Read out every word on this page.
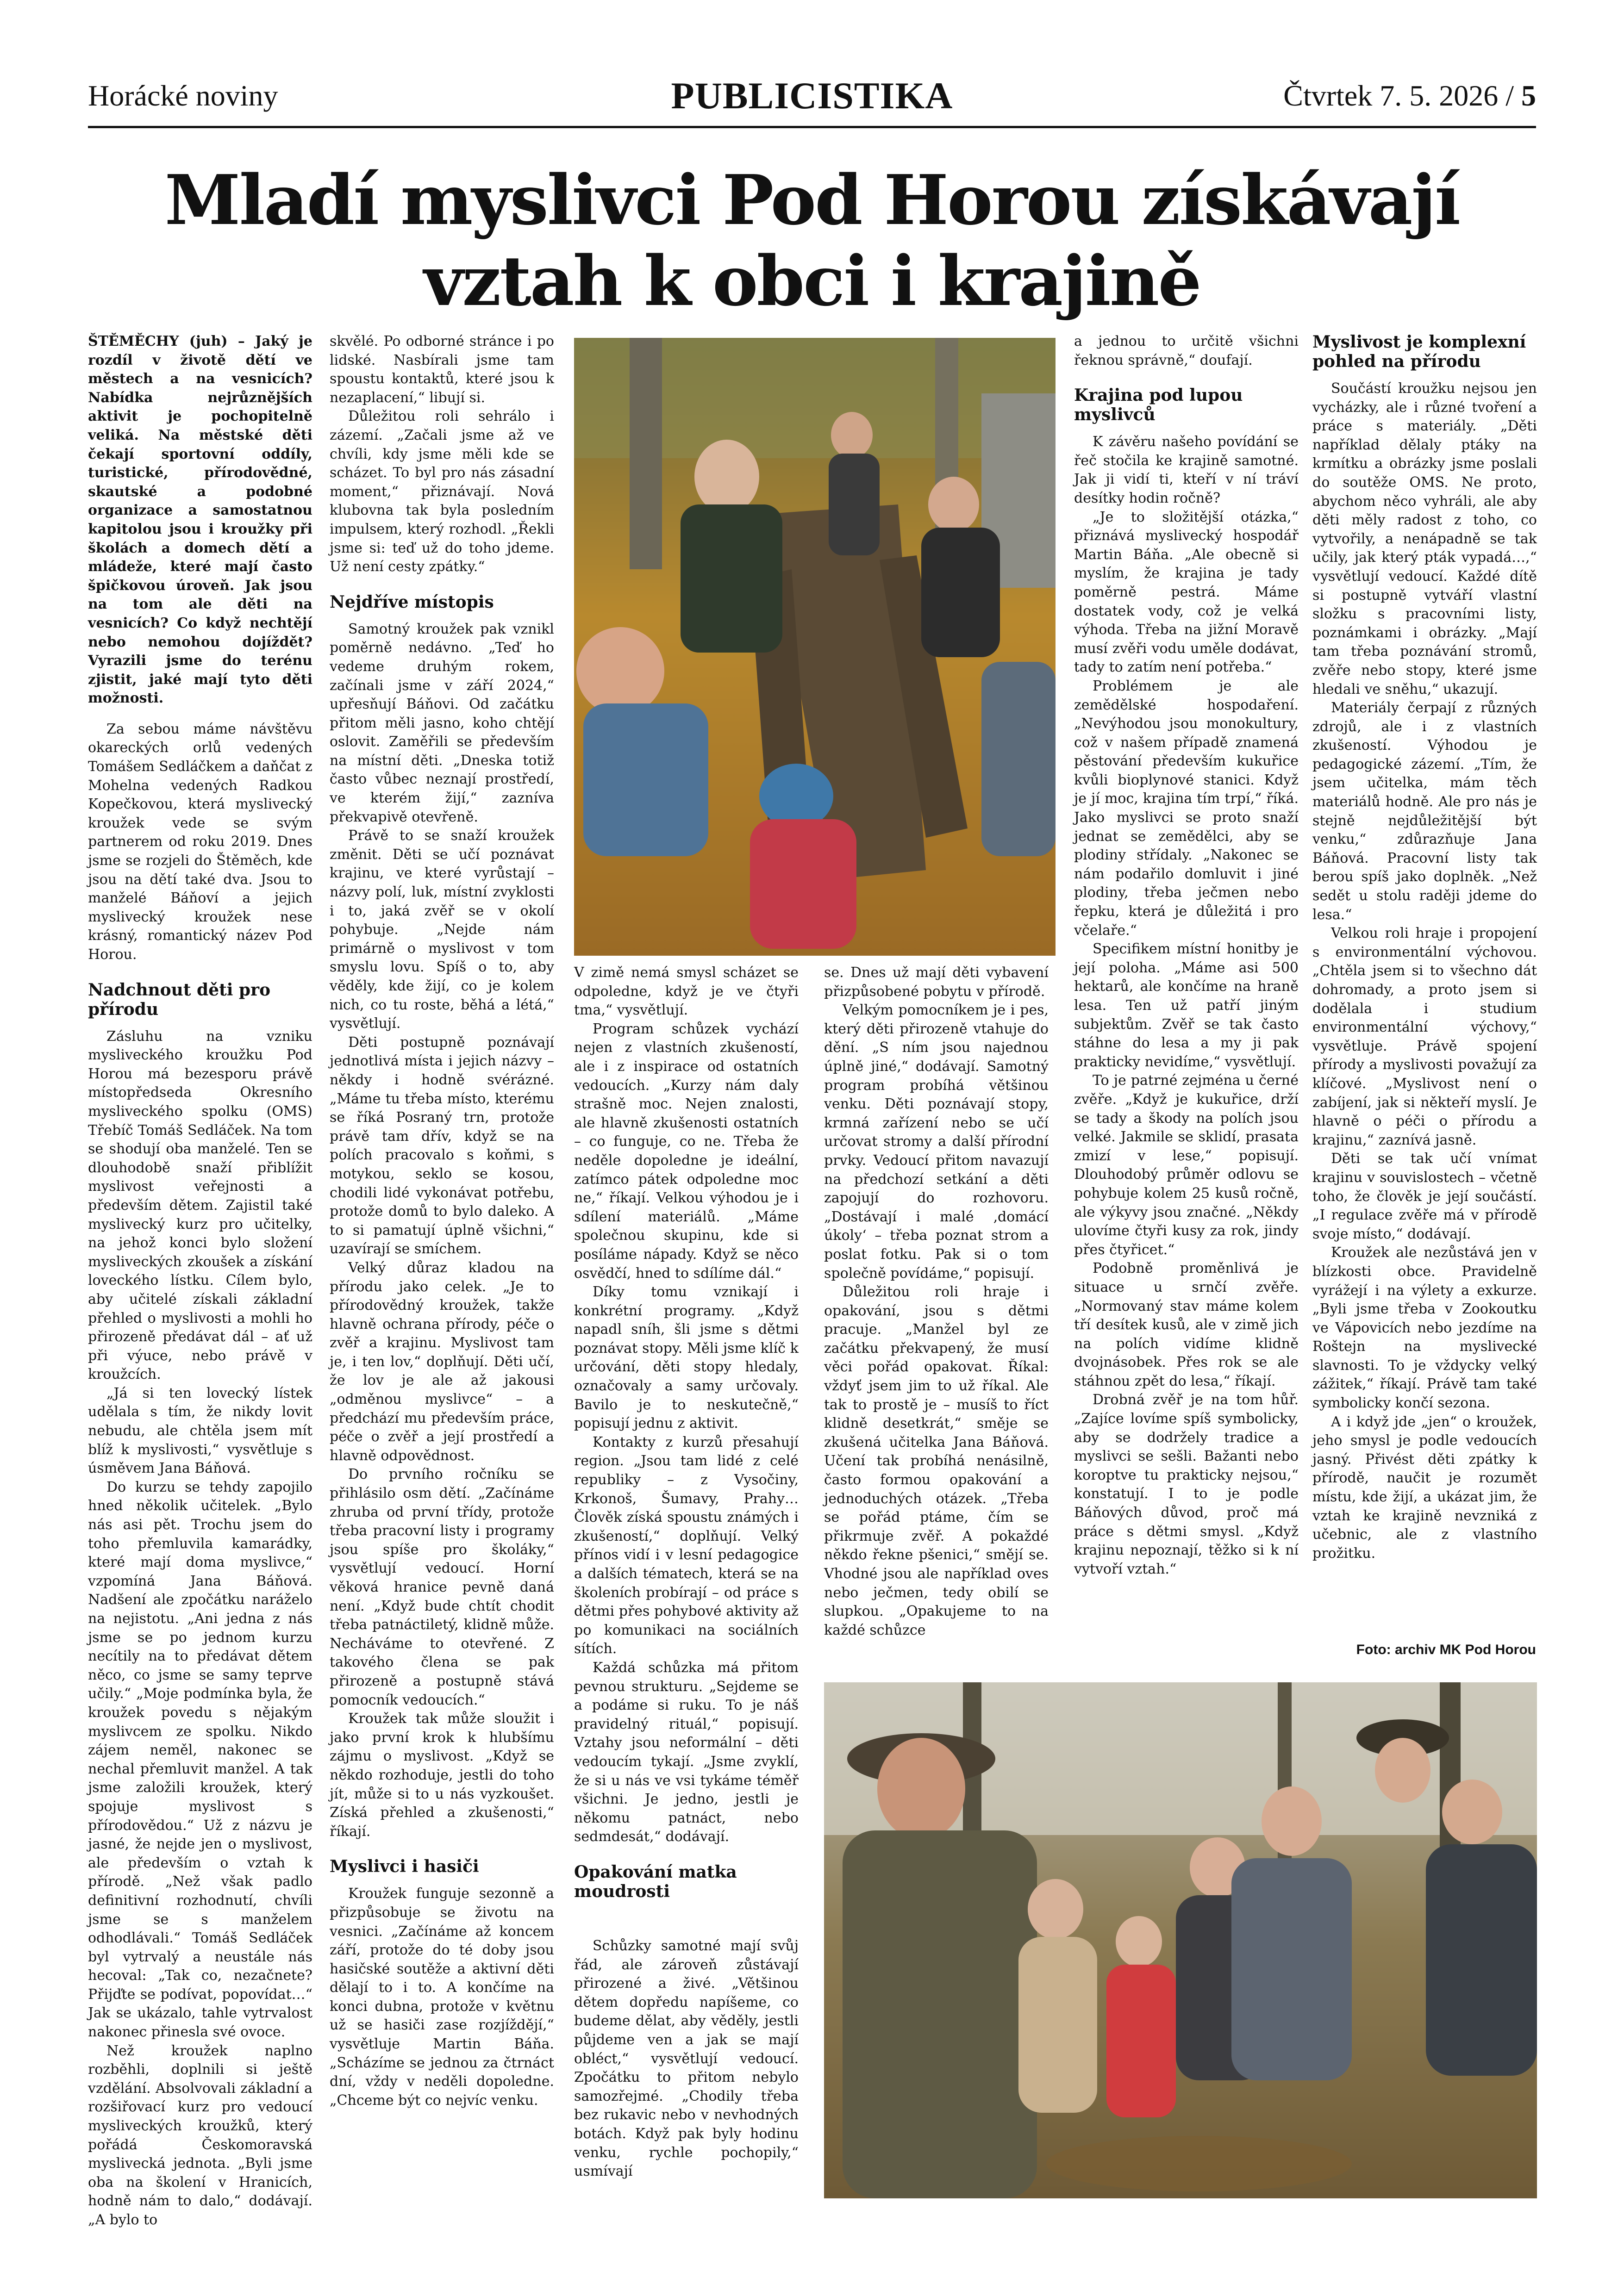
Horácké noviny	PUBLICISTIKA	Čtvrtek 7. 5. 2026 / 5
Mladí myslivci Pod Horou získávají
vztah k obci i krajině

ŠTĚMĚCHY (juh) – Jaký je rozdíl v životě dětí ve městech a na vesnicích? Nabídka nejrůznějších aktivit je pochopitelně veliká. Na městské děti čekají sportovní oddíly, turistické, přírodovědné, skautské a podobné organizace a samostatnou kapitolou jsou i kroužky při školách a domech dětí a mládeže, které mají často špičkovou úroveň. Jak jsou na tom ale děti na vesnicích? Co když nechtějí nebo nemohou dojíždět? Vyrazili jsme do terénu zjistit, jaké mají tyto děti možnosti.

Za sebou máme návštěvu okareckých orlů vedených Tomášem Sedláčkem a daňčat z Mohelna vedených Radkou Kopečkovou, která myslivecký kroužek vede se svým partnerem od roku 2019. Dnes jsme se rozjeli do Štěměch, kde jsou na dětí také dva. Jsou to manželé Báňoví a jejich myslivecký kroužek nese krásný, romantický název Pod Horou.

Nadchnout děti pro přírodu

Zásluhu na vzniku mysliveckého kroužku Pod Horou má bezesporu právě místopředseda Okresního mysliveckého spolku (OMS) Třebíč Tomáš Sedláček. Na tom se shodují oba manželé. Ten se dlouhodobě snaží přiblížit myslivost veřejnosti a především dětem. Zajistil také myslivecký kurz pro učitelky, na jehož konci bylo složení mysliveckých zkoušek a získání loveckého lístku. Cílem bylo, aby učitelé získali základní přehled o myslivosti a mohli ho přirozeně předávat dál – ať už při výuce, nebo právě v kroužcích.

„Já si ten lovecký lístek udělala s tím, že nikdy lovit nebudu, ale chtěla jsem mít blíž k myslivosti,“ vysvětluje s úsměvem Jana Báňová.

Do kurzu se tehdy zapojilo hned několik učitelek. „Bylo nás asi pět. Trochu jsem do toho přemluvila kamarádky, které mají doma myslivce,“ vzpomíná Jana Báňová. Nadšení ale zpočátku naráželo na nejistotu. „Ani jedna z nás jsme se po jednom kurzu necítily na to předávat dětem něco, co jsme se samy teprve učily.“ „Moje podmínka byla, že kroužek povedu s nějakým myslivcem ze spolku. Nikdo zájem neměl, nakonec se nechal přemluvit manžel. A tak jsme založili kroužek, který spojuje myslivost s přírodovědou.“ Už z názvu je jasné, že nejde jen o myslivost, ale především o vztah k přírodě. „Než však padlo definitivní rozhodnutí, chvíli jsme se s manželem odhodlávali.“ Tomáš Sedláček byl vytrvalý a neustále nás hecoval: „Tak co, nezačnete? Přijďte se podívat, popovídat…“ Jak se ukázalo, tahle vytrvalost nakonec přinesla své ovoce.

Než kroužek naplno rozběhli, doplnili si ještě vzdělání. Absolvovali základní a rozšiřovací kurz pro vedoucí mysliveckých kroužků, který pořádá Českomoravská myslivecká jednota. „Byli jsme oba na školení v Hranicích, hodně nám to dalo,“ dodávají. „A bylo to

skvělé. Po odborné stránce i po lidské. Nasbírali jsme tam spoustu kontaktů, které jsou k nezaplacení,“ libují si.

Důležitou roli sehrálo i zázemí. „Začali jsme až ve chvíli, kdy jsme měli kde se scházet. To byl pro nás zásadní moment,“ přiznávají. Nová klubovna tak byla posledním impulsem, který rozhodl. „Řekli jsme si: teď už do toho jdeme. Už není cesty zpátky.“

Nejdříve místopis

Samotný kroužek pak vznikl poměrně nedávno. „Teď ho vedeme druhým rokem, začínali jsme v září 2024,“ upřesňují Báňovi. Od začátku přitom měli jasno, koho chtějí oslovit. Zaměřili se především na místní děti. „Dneska totiž často vůbec neznají prostředí, ve kterém žijí,“ zazníva překvapivě otevřeně.

Právě to se snaží kroužek změnit. Děti se učí poznávat krajinu, ve které vyrůstají – názvy polí, luk, místní zvyklosti i to, jaká zvěř se v okolí pohybuje. „Nejde nám primárně o myslivost v tom smyslu lovu. Spíš o to, aby věděly, kde žijí, co je kolem nich, co tu roste, běhá a létá,“ vysvětlují.

Děti postupně poznávají jednotlivá místa i jejich názvy – někdy i hodně svérázné. „Máme tu třeba místo, kterému se říká Posraný trn, protože právě tam dřív, když se na polích pracovalo s koňmi, s motykou, seklo se kosou, chodili lidé vykonávat potřebu, protože domů to bylo daleko. A to si pamatují úplně všichni,“ uzavírají se smíchem.

Velký důraz kladou na přírodu jako celek. „Je to přírodovědný kroužek, takže hlavně ochrana přírody, péče o zvěř a krajinu. Myslivost tam je, i ten lov,“ doplňují. Děti učí, že lov je ale až jakousi „odměnou myslivce“ – a předchází mu především práce, péče o zvěř a její prostředí a hlavně odpovědnost.

Do prvního ročníku se přihlásilo osm dětí. „Začínáme zhruba od první třídy, protože třeba pracovní listy i programy jsou spíše pro školáky,“ vysvětlují vedoucí. Horní věková hranice pevně daná není. „Když bude chtít chodit třeba patnáctiletý, klidně může. Necháváme to otevřené. Z takového člena se pak přirozeně a postupně stává pomocník vedoucích.“

Kroužek tak může sloužit i jako první krok k hlubšímu zájmu o myslivost. „Když se někdo rozhoduje, jestli do toho jít, může si to u nás vyzkoušet. Získá přehled a zkušenosti,“ říkají.

Myslivci i hasiči

Kroužek funguje sezonně a přizpůsobuje se životu na vesnici. „Začínáme až koncem září, protože do té doby jsou hasičské soutěže a aktivní děti dělají to i to. A končíme na konci dubna, protože v květnu už se hasiči zase rozjíždějí,“ vysvětluje Martin Báňa. „Scházíme se jednou za čtrnáct dní, vždy v neděli dopoledne. „Chceme být co nejvíc venku.

V zimě nemá smysl scházet se odpoledne, když je ve čtyři tma,“ vysvětlují.

Program schůzek vychází nejen z vlastních zkušeností, ale i z inspirace od ostatních vedoucích. „Kurzy nám daly strašně moc. Nejen znalosti, ale hlavně zkušenosti ostatních – co funguje, co ne. Třeba že neděle dopoledne je ideální, zatímco pátek odpoledne moc ne,“ říkají. Velkou výhodou je i sdílení materiálů. „Máme společnou skupinu, kde si posíláme nápady. Když se něco osvědčí, hned to sdílíme dál.“

Díky tomu vznikají i konkrétní programy. „Když napadl sníh, šli jsme s dětmi poznávat stopy. Měli jsme klíč k určování, děti stopy hledaly, označovaly a samy určovaly. Bavilo je to neskutečně,“ popisují jednu z aktivit.

Kontakty z kurzů přesahují region. „Jsou tam lidé z celé republiky – z Vysočiny, Krkonoš, Šumavy, Prahy… Člověk získá spoustu známých i zkušeností,“ doplňují. Velký přínos vidí i v lesní pedagogice a dalších tématech, která se na školeních probírají – od práce s dětmi přes pohybové aktivity až po komunikaci na sociálních sítích.

Každá schůzka má přitom pevnou strukturu. „Sejdeme se a podáme si ruku. To je náš pravidelný rituál,“ popisují. Vztahy jsou neformální – děti vedoucím tykají. „Jsme zvyklí, že si u nás ve vsi tykáme téměř všichni. Je jedno, jestli je někomu patnáct, nebo sedmdesát,“ dodávají.

Opakování matka moudrosti

se. Dnes už mají děti vybavení přizpůsobené pobytu v přírodě.

Velkým pomocníkem je i pes, který děti přirozeně vtahuje do dění. „S ním jsou najednou úplně jiné,“ dodávají. Samotný program probíhá většinou venku. Děti poznávají stopy, krmná zařízení nebo se učí určovat stromy a další přírodní prvky. Vedoucí přitom navazují na předchozí setkání a děti zapojují do rozhovoru. „Dostávají i malé ‚domácí úkoly‘ – třeba poznat strom a poslat fotku. Pak si o tom společně povídáme,“ popisují.

Důležitou roli hraje i opakování, jsou s dětmi pracuje. „Manžel byl ze začátku překvapený, že musí věci pořád opakovat. Říkal: vždyť jsem jim to už říkal. Ale tak to prostě je – musíš to říct klidně desetkrát,“ směje se zkušená učitelka Jana Báňová. Učení tak probíhá nenásilně, často formou opakování a jednoduchých otázek. „Třeba se pořád ptáme, čím se přikrmuje zvěř. A pokaždé někdo řekne pšenici,“ smějí se. Vhodné jsou ale například oves nebo ječmen, tedy obilí se slupkou. „Opakujeme to na každé schůzce

Schůzky samotné mají svůj řád, ale zároveň zůstávají přirozené a živé. „Většinou dětem dopředu napíšeme, co budeme dělat, aby věděly, jestli půjdeme ven a jak se mají obléct,“ vysvětlují vedoucí. Zpočátku to přitom nebylo samozřejmé. „Chodily třeba bez rukavic nebo v nevhodných botách. Když pak byly hodinu venku, rychle pochopily,“ usmívají

a jednou to určitě všichni řeknou správně,“ doufají.

Krajina pod lupou myslivců

K závěru našeho povídání se řeč stočila ke krajině samotné. Jak ji vidí ti, kteří v ní tráví desítky hodin ročně?

„Je to složitější otázka,“ přiznává myslivecký hospodář Martin Báňa. „Ale obecně si myslím, že krajina je tady poměrně pestrá. Máme dostatek vody, což je velká výhoda. Třeba na jižní Moravě musí zvěři vodu uměle dodávat, tady to zatím není potřeba.“

Problémem je ale zemědělské hospodaření. „Nevýhodou jsou monokultury, což v našem případě znamená pěstování především kukuřice kvůli bioplynové stanici. Když je jí moc, krajina tím trpí,“ říká. Jako myslivci se proto snaží jednat se zemědělci, aby se plodiny střídaly. „Nakonec se nám podařilo domluvit i jiné plodiny, třeba ječmen nebo řepku, která je důležitá i pro včelaře.“

Specifikem místní honitby je její poloha. „Máme asi 500 hektarů, ale končíme na hraně lesa. Ten už patří jiným subjektům. Zvěř se tak často stáhne do lesa a my ji pak prakticky nevidíme,“ vysvětlují.

To je patrné zejména u černé zvěře. „Když je kukuřice, drží se tady a škody na polích jsou velké. Jakmile se sklidí, prasata zmizí v lese,“ popisují. Dlouhodobý průměr odlovu se pohybuje kolem 25 kusů ročně, ale výkyvy jsou značné. „Někdy ulovíme čtyři kusy za rok, jindy přes čtyřicet.“

Podobně proměnlivá je situace u srnčí zvěře. „Normovaný stav máme kolem tří desítek kusů, ale v zimě jich na polích vidíme klidně dvojnásobek. Přes rok se ale stáhnou zpět do lesa,“ říkají.

Drobná zvěř je na tom hůř. „Zajíce lovíme spíš symbolicky, aby se dodržely tradice a myslivci se sešli. Bažanti nebo koroptve tu prakticky nejsou,“ konstatují. I to je podle Báňových důvod, proč má práce s dětmi smysl. „Když krajinu nepoznají, těžko si k ní vytvoří vztah.“

Myslivost je komplexní pohled na přírodu

Součástí kroužku nejsou jen vycházky, ale i různé tvoření a práce s materiály. „Děti například dělaly ptáky na krmítku a obrázky jsme poslali do soutěže OMS. Ne proto, abychom něco vyhráli, ale aby děti měly radost z toho, co vytvořily, a nenápadně se tak učily, jak který pták vypadá…,“ vysvětlují vedoucí. Každé dítě si postupně vytváří vlastní složku s pracovními listy, poznámkami i obrázky. „Mají tam třeba poznávání stromů, zvěře nebo stopy, které jsme hledali ve sněhu,“ ukazují.

Materiály čerpají z různých zdrojů, ale i z vlastních zkušeností. Výhodou je pedagogické zázemí. „Tím, že jsem učitelka, mám těch materiálů hodně. Ale pro nás je stejně nejdůležitější být venku,“ zdůrazňuje Jana Báňová. Pracovní listy tak berou spíš jako doplněk. „Než sedět u stolu raději jdeme do lesa.“

Velkou roli hraje i propojení s environmentální výchovou. „Chtěla jsem si to všechno dát dohromady, a proto jsem si dodělala i studium environmentální výchovy,“ vysvětluje. Právě spojení přírody a myslivosti považují za klíčové. „Myslivost není o zabíjení, jak si někteří myslí. Je hlavně o péči o přírodu a krajinu,“ zaznívá jasně.

Děti se tak učí vnímat krajinu v souvislostech – včetně toho, že člověk je její součástí. „I regulace zvěře má v přírodě svoje místo,“ dodávají.

Kroužek ale nezůstává jen v blízkosti obce. Pravidelně vyrážejí i na výlety a exkurze. „Byli jsme třeba v Zookoutku ve Vápovicích nebo jezdíme na Roštejn na myslivecké slavnosti. To je vždycky velký zážitek,“ říkají. Právě tam také symbolicky končí sezona.

A i když jde „jen“ o kroužek, jeho smysl je podle vedoucích jasný. Přivést děti zpátky k přírodě, naučit je rozumět místu, kde žijí, a ukázat jim, že vztah ke krajině nevzniká z učebnic, ale z vlastního prožitku.

Foto: archiv MK Pod Horou
